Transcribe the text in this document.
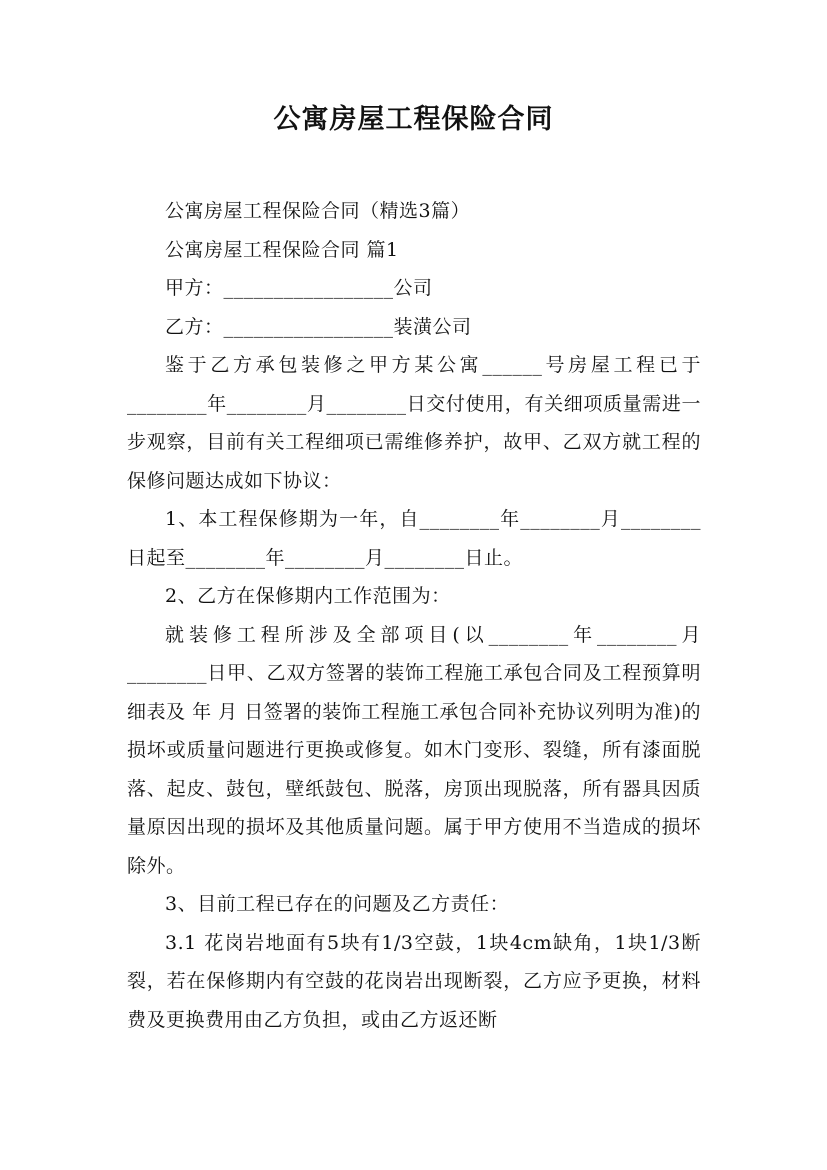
公寓房屋工程保险合同

公寓房屋工程保险合同（精选3篇）

公寓房屋工程保险合同 篇1

甲方：_________________公司

乙方：_________________装潢公司

鉴于乙方承包装修之甲方某公寓______号房屋工程已于________年________月________日交付使用，有关细项质量需进一步观察，目前有关工程细项已需维修养护，故甲、乙双方就工程的保修问题达成如下协议：

1、本工程保修期为一年，自________年________月________日起至________年________月________日止。

2、乙方在保修期内工作范围为：

就装修工程所涉及全部项目(以________年________月________日甲、乙双方签署的装饰工程施工承包合同及工程预算明细表及 年 月 日签署的装饰工程施工承包合同补充协议列明为准)的损坏或质量问题进行更换或修复。如木门变形、裂缝，所有漆面脱落、起皮、鼓包，壁纸鼓包、脱落，房顶出现脱落，所有器具因质量原因出现的损坏及其他质量问题。属于甲方使用不当造成的损坏除外。

3、目前工程已存在的问题及乙方责任：

3.1 花岗岩地面有5块有1/3空鼓，1块4cm缺角，1块1/3断裂，若在保修期内有空鼓的花岗岩出现断裂，乙方应予更换，材料费及更换费用由乙方负担，或由乙方返还断
